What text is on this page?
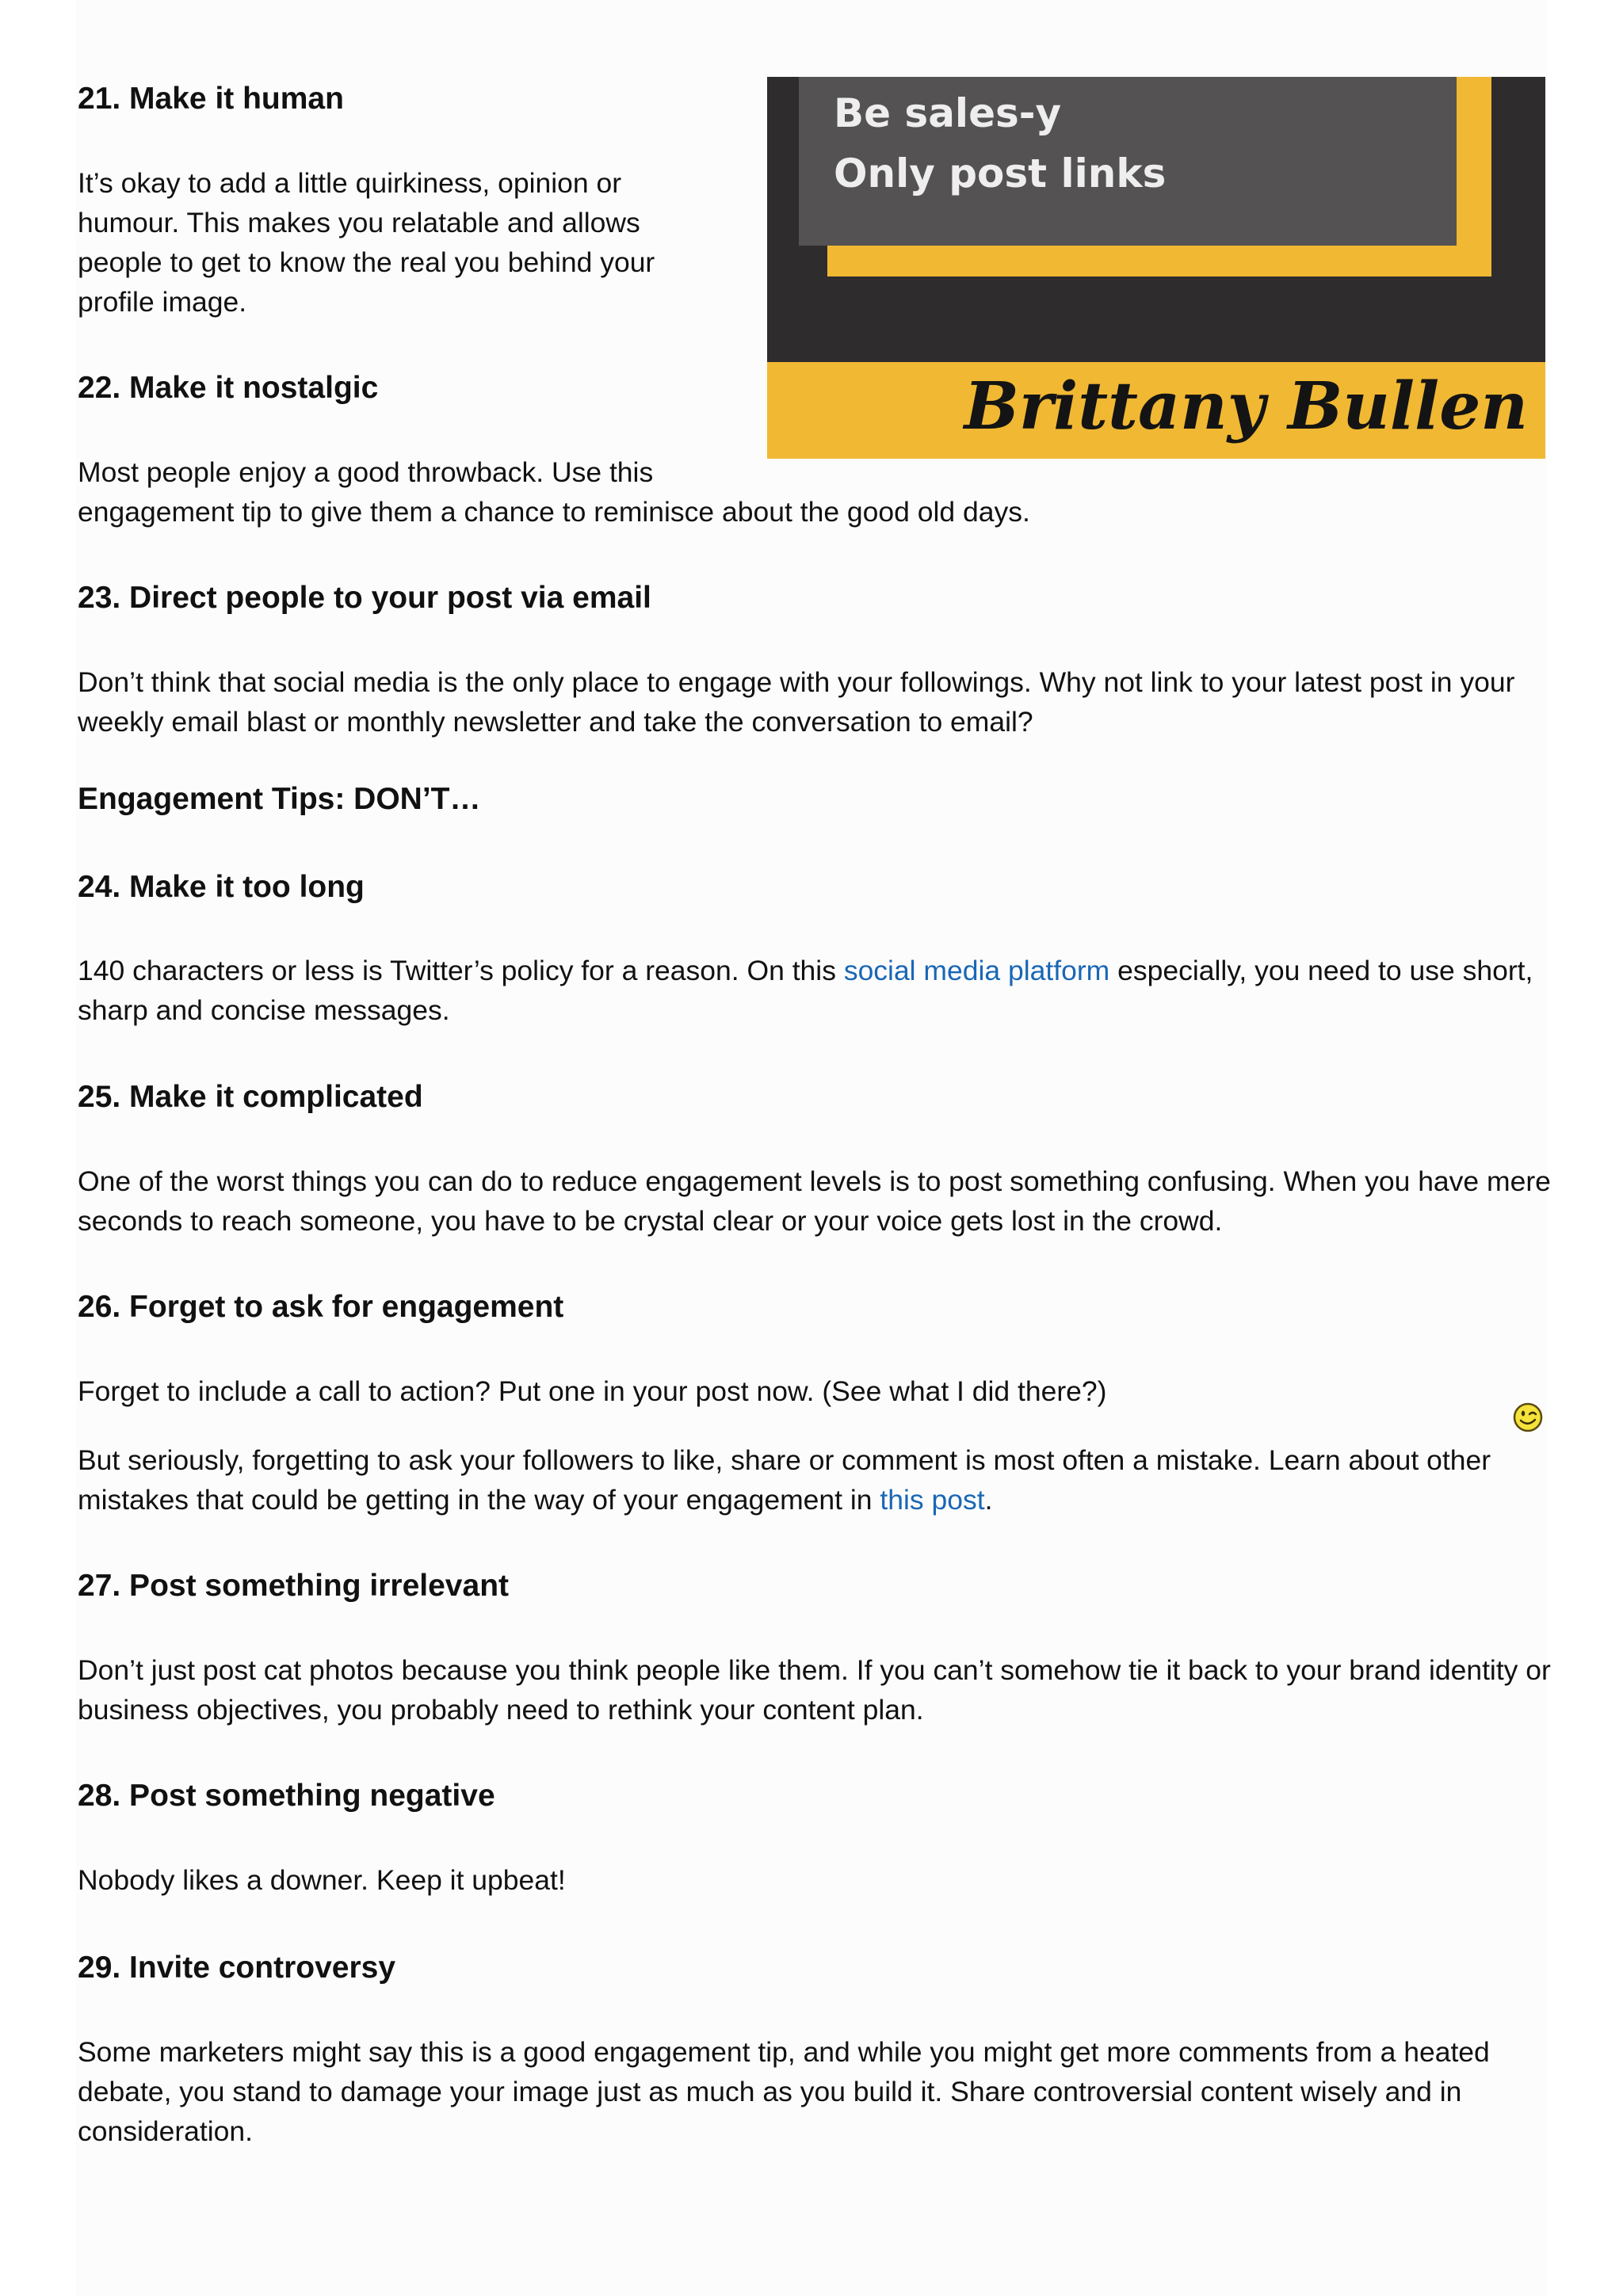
Be sales-y
Only post links
Brittany Bullen
21. Make it human

It’s okay to add a little quirkiness, opinion or humour. This makes you relatable and allows people to get to know the real you behind your profile image.

22. Make it nostalgic

Most people enjoy a good throwback. Use this
engagement tip to give them a chance to reminisce about the good old days.

23. Direct people to your post via email

Don’t think that social media is the only place to engage with your followings. Why not link to your latest post in your weekly email blast or monthly newsletter and take the conversation to email?

Engagement Tips: DON’T…
24. Make it too long

140 characters or less is Twitter’s policy for a reason. On this social media platform especially, you need to use short, sharp and concise messages.

25. Make it complicated

One of the worst things you can do to reduce engagement levels is to post something confusing. When you have mere seconds to reach someone, you have to be crystal clear or your voice gets lost in the crowd.

26. Forget to ask for engagement

Forget to include a call to action? Put one in your post now. (See what I did there?)

But seriously, forgetting to ask your followers to like, share or comment is most often a mistake. Learn about other mistakes that could be getting in the way of your engagement in this post.

27. Post something irrelevant

Don’t just post cat photos because you think people like them. If you can’t somehow tie it back to your brand identity or business objectives, you probably need to rethink your content plan.

28. Post something negative

Nobody likes a downer. Keep it upbeat!

29. Invite controversy

Some marketers might say this is a good engagement tip, and while you might get more comments from a heated debate, you stand to damage your image just as much as you build it. Share controversial content wisely and in consideration.
